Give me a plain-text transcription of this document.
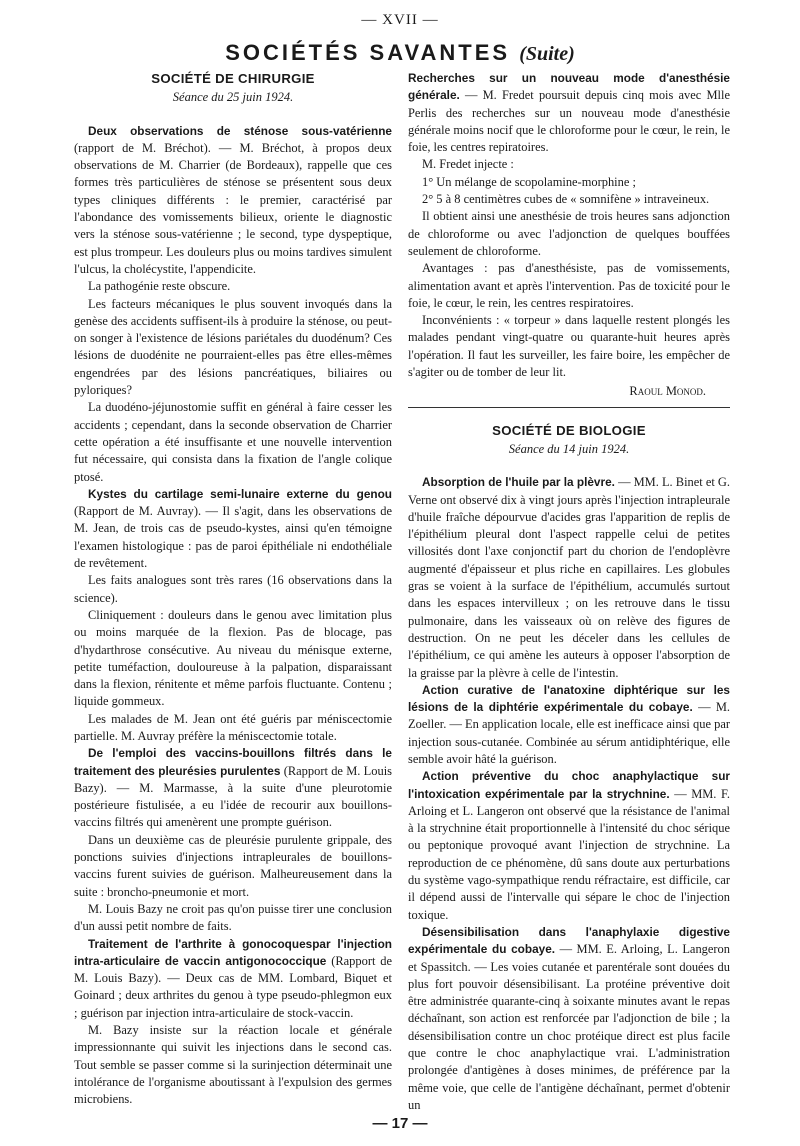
— XVII —
SOCIÉTÉS SAVANTES (Suite)
SOCIÉTÉ DE CHIRURGIE
Séance du 25 juin 1924.

Deux observations de sténose sous-vatérienne (rapport de M. Bréchot). — M. Bréchot, à propos deux observations de M. Charrier (de Bordeaux), rappelle que ces formes très particulières de sténose se présentent sous deux types cliniques différents : le premier, caractérisé par l'abondance des vomissements bilieux, oriente le diagnostic vers la sténose sous-vatérienne ; le second, type dyspeptique, est plus trompeur. Les douleurs plus ou moins tardives simulent l'ulcus, la cholécystite, l'appendicite.

La pathogénie reste obscure.

Les facteurs mécaniques le plus souvent invoqués dans la genèse des accidents suffisent-ils à produire la sténose, ou peut-on songer à l'existence de lésions pariétales du duodénum? Ces lésions de duodénite ne pourraient-elles pas être elles-mêmes engendrées par des lésions pancréatiques, biliaires ou pyloriques?

La duodéno-jéjunostomie suffit en général à faire cesser les accidents ; cependant, dans la seconde observation de Charrier cette opération a été insuffisante et une nouvelle intervention fut nécessaire, qui consista dans la fixation de l'angle colique ptosé.

Kystes du cartilage semi-lunaire externe du genou (Rapport de M. Auvray). — Il s'agit, dans les observations de M. Jean, de trois cas de pseudo-kystes, ainsi qu'en témoigne l'examen histologique : pas de paroi épithéliale ni endothéliale de revêtement.

Les faits analogues sont très rares (16 observations dans la science).

Cliniquement : douleurs dans le genou avec limitation plus ou moins marquée de la flexion. Pas de blocage, pas d'hydarthrose consécutive. Au niveau du ménisque externe, petite tuméfaction, douloureuse à la palpation, disparaissant dans la flexion, rénitente et même parfois fluctuante. Contenu ; liquide gommeux.

Les malades de M. Jean ont été guéris par méniscectomie partielle. M. Auvray préfère la méniscectomie totale.

De l'emploi des vaccins-bouillons filtrés dans le traitement des pleurésies purulentes (Rapport de M. Louis Bazy). — M. Marmasse, à la suite d'une pleurotomie postérieure fistulisée, a eu l'idée de recourir aux bouillons-vaccins filtrés qui amenèrent une prompte guérison.

Dans un deuxième cas de pleurésie purulente grippale, des ponctions suivies d'injections intrapleurales de bouillons-vaccins furent suivies de guérison. Malheureusement dans la suite : broncho-pneumonie et mort.

M. Louis Bazy ne croit pas qu'on puisse tirer une conclusion d'un aussi petit nombre de faits.

Traitement de l'arthrite à gonocoquespar l'injection intra-articulaire de vaccin antigonococcique (Rapport de M. Louis Bazy). — Deux cas de MM. Lombard, Biquet et Goinard ; deux arthrites du genou à type pseudo-phlegmon eux ; guérison par injection intra-articulaire de stock-vaccin.

M. Bazy insiste sur la réaction locale et générale impressionnante qui suivit les injections dans le second cas. Tout semble se passer comme si la surinjection déterminait une intolérance de l'organisme aboutissant à l'expulsion des germes microbiens.

Recherches sur un nouveau mode d'anesthésie générale. — M. Fredet poursuit depuis cinq mois avec Mlle Perlis des recherches sur un nouveau mode d'anesthésie générale moins nocif que le chloroforme pour le cœur, le rein, le foie, les centres repiratoires.

M. Fredet injecte :

1° Un mélange de scopolamine-morphine ;

2° 5 à 8 centimètres cubes de « somnifène » intraveineux.

Il obtient ainsi une anesthésie de trois heures sans adjonction de chloroforme ou avec l'adjonction de quelques bouffées seulement de chloroforme.

Avantages : pas d'anesthésiste, pas de vomissements, alimentation avant et après l'intervention. Pas de toxicité pour le foie, le cœur, le rein, les centres respiratoires.

Inconvénients : « torpeur » dans laquelle restent plongés les malades pendant vingt-quatre ou quarante-huit heures après l'opération. Il faut les surveiller, les faire boire, les empêcher de s'agiter ou de tomber de leur lit.

Raoul Monod.
SOCIÉTÉ DE BIOLOGIE
Séance du 14 juin 1924.

Absorption de l'huile par la plèvre. — MM. L. Binet et G. Verne ont observé dix à vingt jours après l'injection intrapleurale d'huile fraîche dépourvue d'acides gras l'apparition de replis de l'épithélium pleural dont l'aspect rappelle celui de petites villosités dont l'axe conjonctif part du chorion de l'endoplèvre augmenté d'épaisseur et plus riche en capillaires. Les globules gras se voient à la surface de l'épithélium, accumulés surtout dans les espaces intervilleux ; on les retrouve dans le tissu pulmonaire, dans les vaisseaux où on relève des figures de destruction. On ne peut les déceler dans les cellules de l'épithélium, ce qui amène les auteurs à opposer l'absorption de la graisse par la plèvre à celle de l'intestin.

Action curative de l'anatoxine diphtérique sur les lésions de la diphtérie expérimentale du cobaye. — M. Zoeller. — En application locale, elle est inefficace ainsi que par injection sous-cutanée. Combinée au sérum antidiphtérique, elle semble avoir hâté la guérison.

Action préventive du choc anaphylactique sur l'intoxication expérimentale par la strychnine. — MM. F. Arloing et L. Langeron ont observé que la résistance de l'animal à la strychnine était proportionnelle à l'intensité du choc sérique ou peptonique provoqué avant l'injection de strychnine. La reproduction de ce phénomène, dû sans doute aux perturbations du système vago-sympathique rendu réfractaire, est difficile, car il dépend aussi de l'intervalle qui sépare le choc de l'injection toxique.

Désensibilisation dans l'anaphylaxie digestive expérimentale du cobaye. — MM. E. Arloing, L. Langeron et Spassitch. — Les voies cutanée et parentérale sont douées du plus fort pouvoir désensibilisant. La protéine préventive doit être administrée quarante-cinq à soixante minutes avant le repas déchaînant, son action est renforcée par l'adjonction de bile ; la désensibilisation contre un choc protéique direct est plus facile que contre le choc anaphylactique vrai. L'administration prolongée d'antigènes à doses minimes, de préférence par la même voie, que celle de l'antigène déchaînant, permet d'obtenir un

— 17 —
